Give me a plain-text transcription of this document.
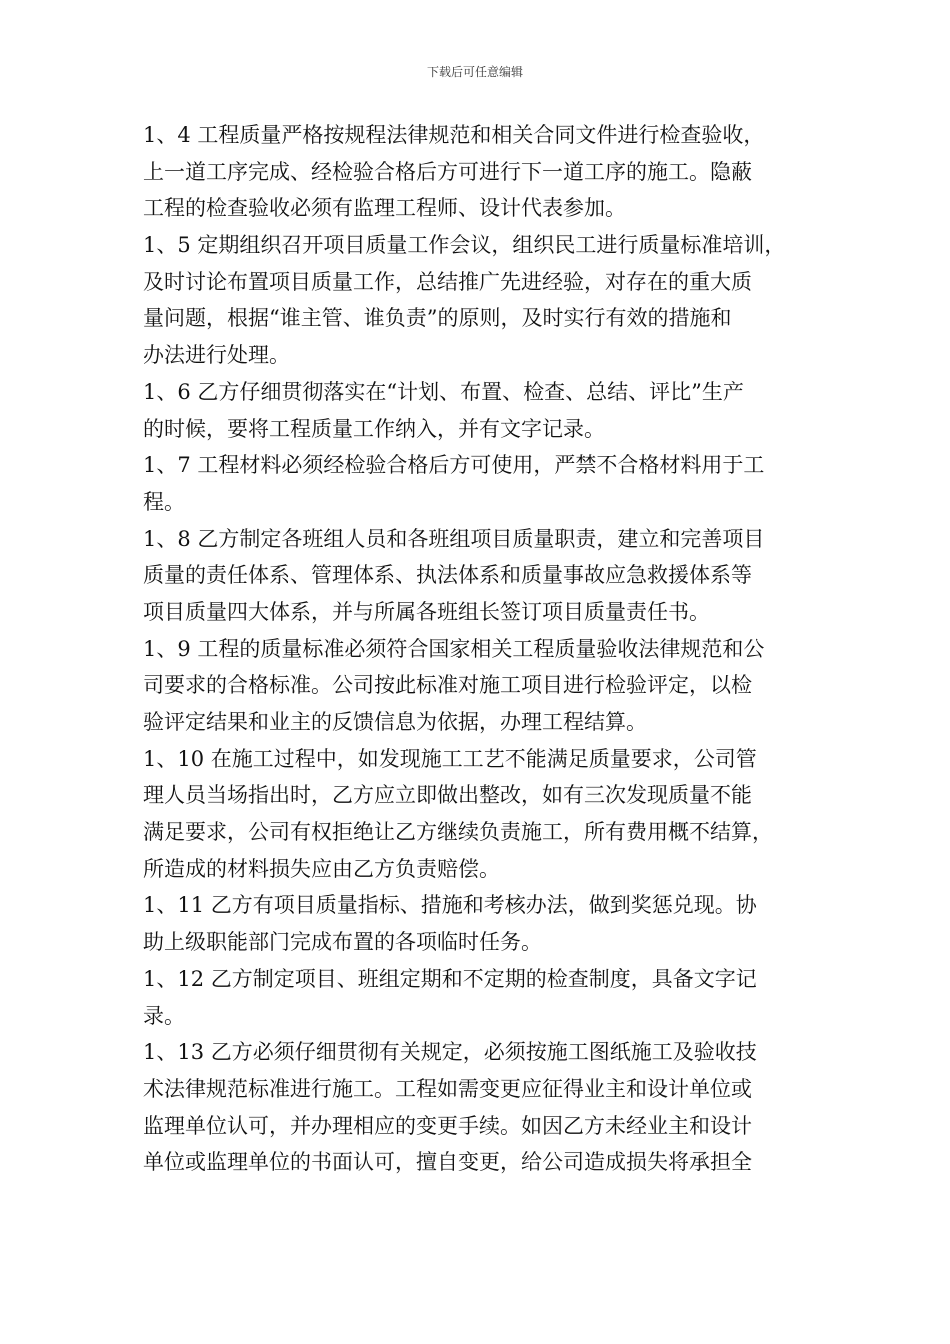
下载后可任意编辑
1、4 工程质量严格按规程法律规范和相关合同文件进行检查验收，
上一道工序完成、经检验合格后方可进行下一道工序的施工。隐蔽
工程的检查验收必须有监理工程师、设计代表参加。
1、5 定期组织召开项目质量工作会议，组织民工进行质量标准培训，
及时讨论布置项目质量工作，总结推广先进经验，对存在的重大质
量问题，根据“谁主管、谁负责”的原则，及时实行有效的措施和
办法进行处理。
1、6 乙方仔细贯彻落实在“计划、布置、检查、总结、评比”生产
的时候，要将工程质量工作纳入，并有文字记录。
1、7 工程材料必须经检验合格后方可使用，严禁不合格材料用于工
程。
1、8 乙方制定各班组人员和各班组项目质量职责，建立和完善项目
质量的责任体系、管理体系、执法体系和质量事故应急救援体系等
项目质量四大体系，并与所属各班组长签订项目质量责任书。
1、9 工程的质量标准必须符合国家相关工程质量验收法律规范和公
司要求的合格标准。公司按此标准对施工项目进行检验评定，以检
验评定结果和业主的反馈信息为依据，办理工程结算。
1、10 在施工过程中，如发现施工工艺不能满足质量要求，公司管
理人员当场指出时，乙方应立即做出整改，如有三次发现质量不能
满足要求，公司有权拒绝让乙方继续负责施工，所有费用概不结算，
所造成的材料损失应由乙方负责赔偿。
1、11 乙方有项目质量指标、措施和考核办法，做到奖惩兑现。协
助上级职能部门完成布置的各项临时任务。
1、12 乙方制定项目、班组定期和不定期的检查制度，具备文字记
录。
1、13 乙方必须仔细贯彻有关规定，必须按施工图纸施工及验收技
术法律规范标准进行施工。工程如需变更应征得业主和设计单位或
监理单位认可，并办理相应的变更手续。如因乙方未经业主和设计
单位或监理单位的书面认可，擅自变更，给公司造成损失将承担全
